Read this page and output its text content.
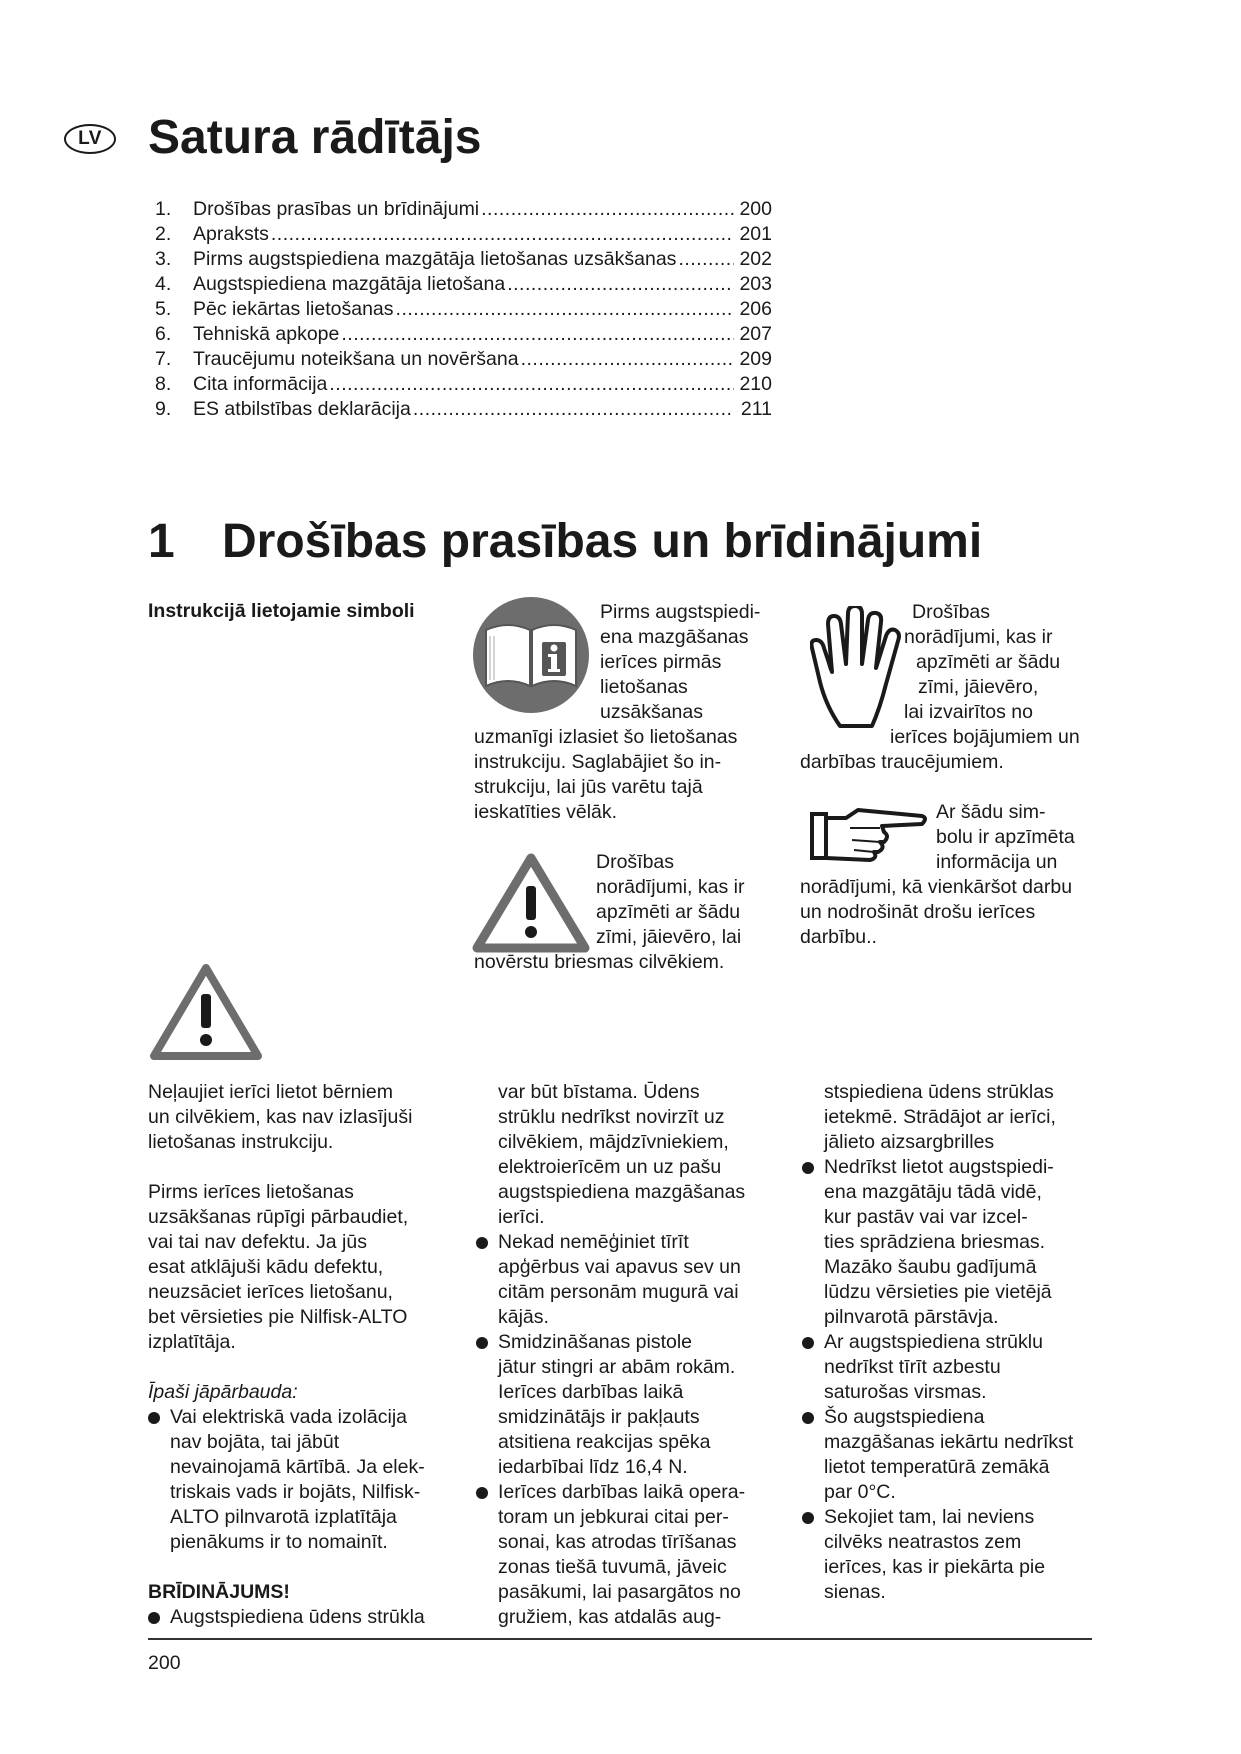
LV Satura rādītājs
1.	Drošības prasības un brīdinājumi .....	200
2.	Apraksts .....	201
3.	Pirms augstspiediena mazgātāja lietošanas uzsākšanas .....	202
4.	Augstspiediena mazgātāja lietošana .....	203
5.	Pēc iekārtas lietošanas .....	206
6.	Tehniskā apkope .....	207
7.	Traucējumu noteikšana un novēršana .....	209
8.	Cita informācija .....	210
9.	ES atbilstības deklarācija .....	211
1 Drošības prasības un brīdinājumi
Instrukcijā lietojamie simboli	Pirms augstspiedi-
ena mazgāšanas
ierīces pirmās
lietošanas
uzsākšanas
uzmanīgi izlasiet šo lietošanas
instrukciju. Saglabājiet šo in-
strukciju, lai jūs varētu tajā
ieskatīties vēlāk.
Drošības
norādījumi, kas ir
apzīmēti ar šādu
zīmi, jāievēro, lai
novērstu briesmas cilvēkiem.
Drošības
norādījumi, kas ir
apzīmēti ar šādu
zīmi, jāievēro,
lai izvairītos no
ierīces bojājumiem un
darbības traucējumiem.
Ar šādu sim-
bolu ir apzīmēta
informācija un
norādījumi, kā vienkāršot darbu
un nodrošināt drošu ierīces
darbību..

Neļaujiet ierīci lietot bērniem
un cilvēkiem, kas nav izlasījuši
lietošanas instrukciju.

Pirms ierīces lietošanas
uzsākšanas rūpīgi pārbaudiet,
vai tai nav defektu. Ja jūs
esat atklājuši kādu defektu,
neuzsāciet ierīces lietošanu,
bet vērsieties pie Nilfisk-ALTO
izplatītāja.

Īpaši jāpārbauda:

Vai elektriskā vada izolācija
nav bojāta, tai jābūt
nevainojamā kārtībā. Ja elek-
triskais vads ir bojāts, Nilfisk-
ALTO pilnvarotā izplatītāja
pienākums ir to nomainīt.

BRĪDINĀJUMS!

Augstspiediena ūdens strūkla
var būt bīstama. Ūdens
strūklu nedrīkst novirzīt uz
cilvēkiem, mājdzīvniekiem,
elektroierīcēm un uz pašu
augstspiediena mazgāšanas
ierīci.
Nekad nemēģiniet tīrīt
apģērbus vai apavus sev un
citām personām mugurā vai
kājās.
Smidzināšanas pistole
jātur stingri ar abām rokām.
Ierīces darbības laikā
smidzinātājs ir pakļauts
atsitiena reakcijas spēka
iedarbībai līdz 16,4 N.
Ierīces darbības laikā opera-
toram un jebkurai citai per-
sonai, kas atrodas tīrīšanas
zonas tiešā tuvumā, jāveic
pasākumi, lai pasargātos no
gružiem, kas atdalās aug-
stspiediena ūdens strūklas
ietekmē. Strādājot ar ierīci,
jālieto aizsargbrilles
Nedrīkst lietot augstspiedi-
ena mazgātāju tādā vidē,
kur pastāv vai var izcel-
ties sprādziena briesmas.
Mazāko šaubu gadījumā
lūdzu vērsieties pie vietējā
pilnvarotā pārstāvja.
Ar augstspiediena strūklu
nedrīkst tīrīt azbestu
saturošas virsmas.
Šo augstspiediena
mazgāšanas iekārtu nedrīkst
lietot temperatūrā zemākā
par 0°C.
Sekojiet tam, lai neviens
cilvēks neatrastos zem
ierīces, kas ir piekārta pie
sienas.
200
